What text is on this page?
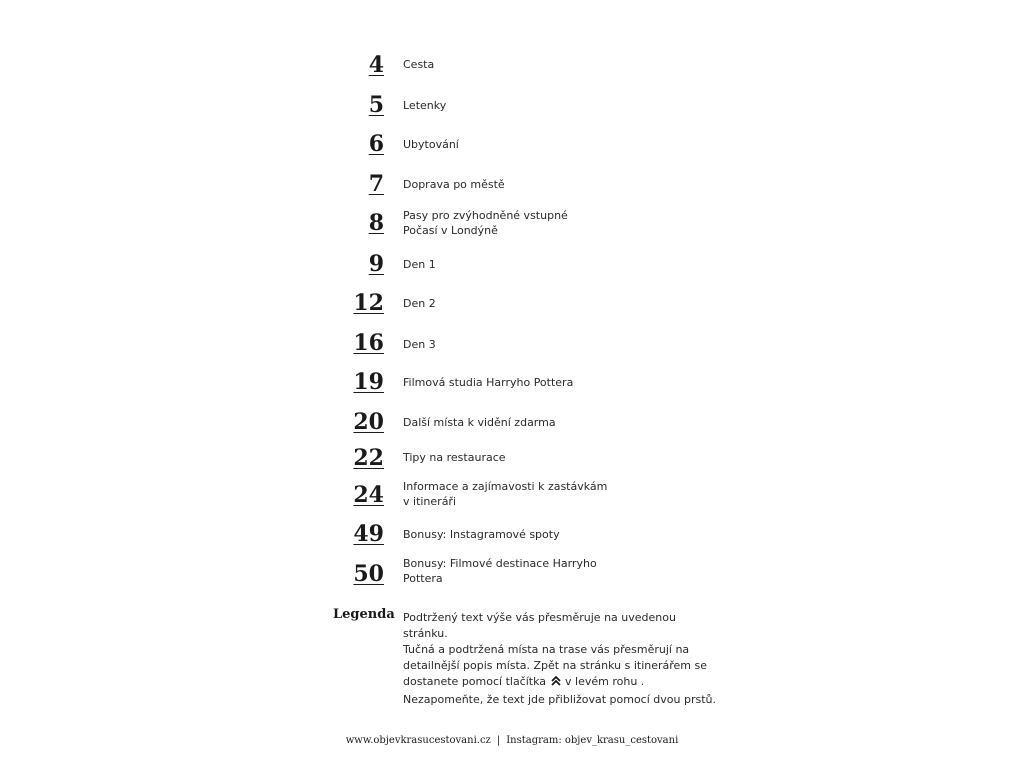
4 Cesta
5 Letenky
6 Ubytování
7 Doprava po městě
8 Pasy pro zvýhodněné vstupné
Počasí v Londýně
9 Den 1
12 Den 2
16 Den 3
19 Filmová studia Harryho Pottera
20 Další místa k vidění zdarma
22 Tipy na restaurace
24 Informace a zajímavosti k zastávkám
v itineráři
49 Bonusy: Instagramové spoty
50 Bonusy: Filmové destinace Harryho
Pottera
Legenda Podtržený text výše vás přesměruje na uvedenou
stránku.
Tučná a podtržená místa na trase vás přesměrují na
detailnější popis místa. Zpět na stránku s itinerářem se
dostanete pomocí tlačítka v levém rohu .
Nezapomeňte, že text jde přibližovat pomocí dvou prstů.
www.objevkrasucestovani.cz | Instagram: objev_krasu_cestovani
